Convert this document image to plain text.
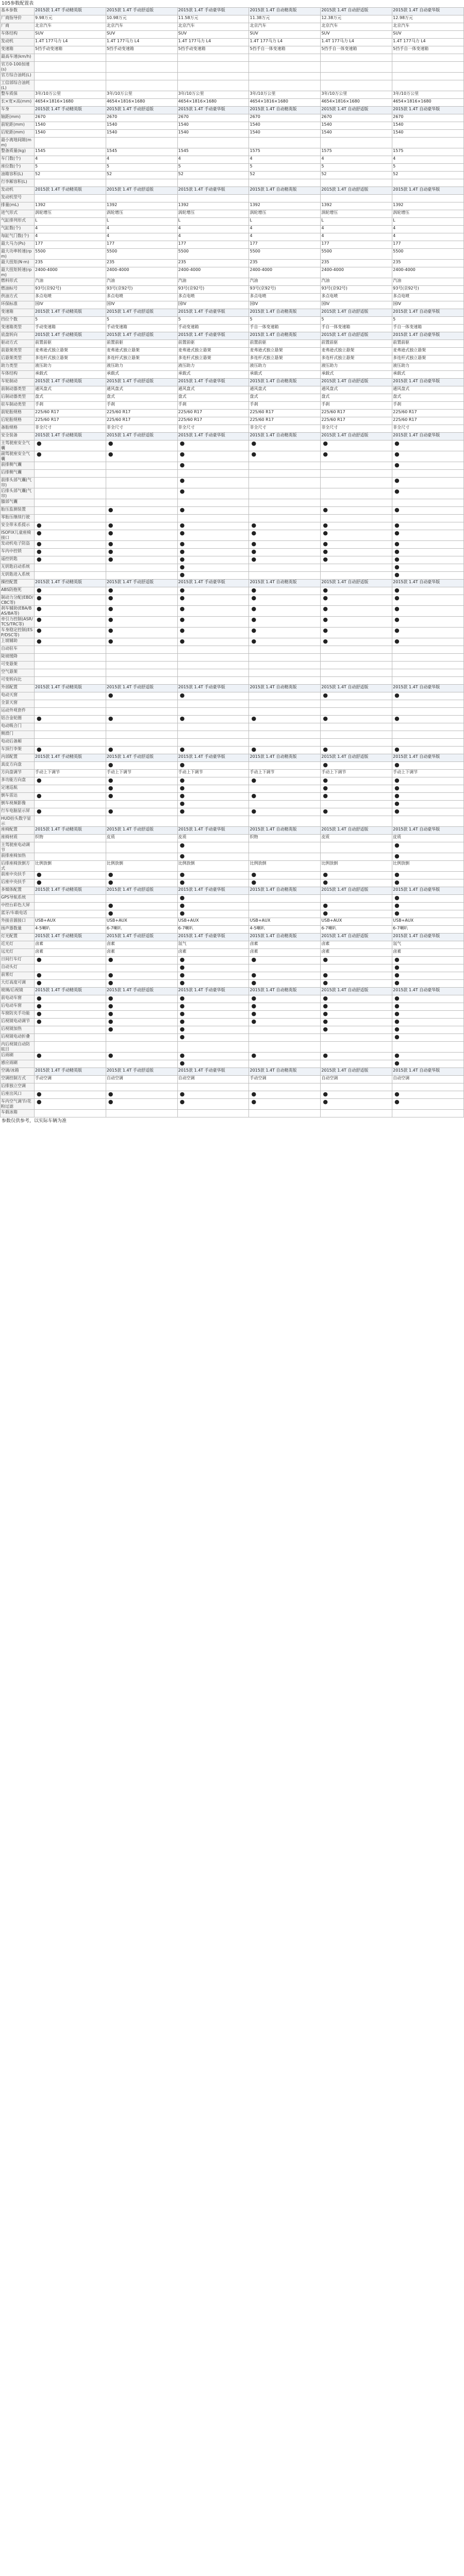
105参数配置表
基本参数	2015款 1.4T 手动精英版	2015款 1.4T 手动舒适版	2015款 1.4T 手动豪华版	2015款 1.4T 自动精英版	2015款 1.4T 自动舒适版	2015款 1.4T 自动豪华版
厂商指导价	9.98万元	10.98万元	11.58万元	11.38万元	12.38万元	12.98万元
厂商	北京汽车	北京汽车	北京汽车	北京汽车	北京汽车	北京汽车
车体结构	SUV	SUV	SUV	SUV	SUV	SUV
发动机	1.4T 177马力 L4	1.4T 177马力 L4	1.4T 177马力 L4	1.4T 177马力 L4	1.4T 177马力 L4	1.4T 177马力 L4
变速箱	5挡手动变速箱	5挡手动变速箱	5挡手动变速箱	5挡手自一体变速箱	5挡手自一体变速箱	5挡手自一体变速箱
最高车速(km/h)						
官方0-100加速(s)						
官方综合油耗(L)						
工信部综合油耗(L)						
整车质保	3年/10万公里	3年/10万公里	3年/10万公里	3年/10万公里	3年/10万公里	3年/10万公里
长×宽×高(mm)	4654×1816×1680	4654×1816×1680	4654×1816×1680	4654×1816×1680	4654×1816×1680	4654×1816×1680
车身	2015款 1.4T 手动精英版	2015款 1.4T 手动舒适版	2015款 1.4T 手动豪华版	2015款 1.4T 自动精英版	2015款 1.4T 自动舒适版	2015款 1.4T 自动豪华版
轴距(mm)	2670	2670	2670	2670	2670	2670
前轮距(mm)	1540	1540	1540	1540	1540	1540
后轮距(mm)	1540	1540	1540	1540	1540	1540
最小离地间隙(mm)						
整备质量(kg)	1545	1545	1545	1575	1575	1575
车门数(个)	4	4	4	4	4	4
座位数(个)	5	5	5	5	5	5
油箱容积(L)	52	52	52	52	52	52
行李厢容积(L)						
发动机	2015款 1.4T 手动精英版	2015款 1.4T 手动舒适版	2015款 1.4T 手动豪华版	2015款 1.4T 自动精英版	2015款 1.4T 自动舒适版	2015款 1.4T 自动豪华版
发动机型号						
排量(mL)	1392	1392	1392	1392	1392	1392
进气形式	涡轮增压	涡轮增压	涡轮增压	涡轮增压	涡轮增压	涡轮增压
气缸排列形式	L	L	L	L	L	L
气缸数(个)	4	4	4	4	4	4
每缸气门数(个)	4	4	4	4	4	4
最大马力(Ps)	177	177	177	177	177	177
最大功率转速(rpm)	5500	5500	5500	5500	5500	5500
最大扭矩(N·m)	235	235	235	235	235	235
最大扭矩转速(rpm)	2400-4000	2400-4000	2400-4000	2400-4000	2400-4000	2400-4000
燃料形式	汽油	汽油	汽油	汽油	汽油	汽油
燃油标号	93号(京92号)	93号(京92号)	93号(京92号)	93号(京92号)	93号(京92号)	93号(京92号)
供油方式	多点电喷	多点电喷	多点电喷	多点电喷	多点电喷	多点电喷
环保标准	国IV	国IV	国IV	国IV	国IV	国IV
变速箱	2015款 1.4T 手动精英版	2015款 1.4T 手动舒适版	2015款 1.4T 手动豪华版	2015款 1.4T 自动精英版	2015款 1.4T 自动舒适版	2015款 1.4T 自动豪华版
挡位个数	5	5	5	5	5	5
变速箱类型	手动变速箱	手动变速箱	手动变速箱	手自一体变速箱	手自一体变速箱	手自一体变速箱
底盘转向	2015款 1.4T 手动精英版	2015款 1.4T 手动舒适版	2015款 1.4T 手动豪华版	2015款 1.4T 自动精英版	2015款 1.4T 自动舒适版	2015款 1.4T 自动豪华版
驱动方式	前置前驱	前置前驱	前置前驱	前置前驱	前置前驱	前置前驱
前悬架类型	麦弗逊式独立悬架	麦弗逊式独立悬架	麦弗逊式独立悬架	麦弗逊式独立悬架	麦弗逊式独立悬架	麦弗逊式独立悬架
后悬架类型	多连杆式独立悬架	多连杆式独立悬架	多连杆式独立悬架	多连杆式独立悬架	多连杆式独立悬架	多连杆式独立悬架
助力类型	液压助力	液压助力	液压助力	液压助力	液压助力	液压助力
车体结构	承载式	承载式	承载式	承载式	承载式	承载式
车轮制动	2015款 1.4T 手动精英版	2015款 1.4T 手动舒适版	2015款 1.4T 手动豪华版	2015款 1.4T 自动精英版	2015款 1.4T 自动舒适版	2015款 1.4T 自动豪华版
前制动器类型	通风盘式	通风盘式	通风盘式	通风盘式	通风盘式	通风盘式
后制动器类型	盘式	盘式	盘式	盘式	盘式	盘式
驻车制动类型	手刹	手刹	手刹	手刹	手刹	手刹
前轮胎规格	225/60 R17	225/60 R17	225/60 R17	225/60 R17	225/60 R17	225/60 R17
后轮胎规格	225/60 R17	225/60 R17	225/60 R17	225/60 R17	225/60 R17	225/60 R17
备胎规格	非全尺寸	非全尺寸	非全尺寸	非全尺寸	非全尺寸	非全尺寸
安全装备	2015款 1.4T 手动精英版	2015款 1.4T 手动舒适版	2015款 1.4T 手动豪华版	2015款 1.4T 自动精英版	2015款 1.4T 自动舒适版	2015款 1.4T 自动豪华版
主驾驶座安全气囊	●	●	●	●	●	●
副驾驶座安全气囊	●	●	●	●	●	●
前排侧气囊			●			●
后排侧气囊						
前排头部气囊(气帘)			●			●
后排头部气囊(气帘)			●			●
膝部气囊						
胎压监测装置		●	●		●	●
零胎压继续行驶						
安全带未系提示	●	●	●	●	●	●
ISOFIX儿童座椅接口	●	●	●	●	●	●
发动机电子防盗	●	●	●	●	●	●
车内中控锁	●	●	●	●	●	●
遥控钥匙	●	●	●	●	●	●
无钥匙启动系统			●			●
无钥匙进入系统			●			●
操控配置	2015款 1.4T 手动精英版	2015款 1.4T 手动舒适版	2015款 1.4T 手动豪华版	2015款 1.4T 自动精英版	2015款 1.4T 自动舒适版	2015款 1.4T 自动豪华版
ABS防抱死	●	●	●	●	●	●
制动力分配(EBD/CBC等)	●	●	●	●	●	●
刹车辅助(EBA/BAS/BA等)	●	●	●	●	●	●
牵引力控制(ASR/TCS/TRC等)	●	●	●	●	●	●
车身稳定控制(ESP/DSC等)	●	●	●	●	●	●
上坡辅助	●	●	●	●	●	●
自动驻车						
陡坡缓降						
可变悬架						
空气悬架						
可变转向比						
外部配置	2015款 1.4T 手动精英版	2015款 1.4T 手动舒适版	2015款 1.4T 手动豪华版	2015款 1.4T 自动精英版	2015款 1.4T 自动舒适版	2015款 1.4T 自动豪华版
电动天窗		●	●		●	●
全景天窗						
运动外观套件						
铝合金轮圈	●	●	●	●	●	●
电动吸合门						
侧滑门						
电动后备厢						
车顶行李架	●	●	●	●	●	●
内部配置	2015款 1.4T 手动精英版	2015款 1.4T 手动舒适版	2015款 1.4T 手动豪华版	2015款 1.4T 自动精英版	2015款 1.4T 自动舒适版	2015款 1.4T 自动豪华版
真皮方向盘		●	●		●	●
方向盘调节	手动上下调节	手动上下调节	手动上下调节	手动上下调节	手动上下调节	手动上下调节
多功能方向盘	●	●	●	●	●	●
定速巡航		●	●		●	●
倒车雷达	●	●	●	●	●	●
倒车视频影像			●			●
行车电脑显示屏	●	●	●	●	●	●
HUD抬头数字显示						
座椅配置	2015款 1.4T 手动精英版	2015款 1.4T 手动舒适版	2015款 1.4T 手动豪华版	2015款 1.4T 自动精英版	2015款 1.4T 自动舒适版	2015款 1.4T 自动豪华版
座椅材质	织物	皮质	皮质	织物	皮质	皮质
主驾驶座电动调节			●			●
前排座椅加热			●			●
后排座椅放倒方式	比例放倒	比例放倒	比例放倒	比例放倒	比例放倒	比例放倒
前座中央扶手	●	●	●	●	●	●
后座中央扶手	●	●	●	●	●	●
多媒体配置	2015款 1.4T 手动精英版	2015款 1.4T 手动舒适版	2015款 1.4T 手动豪华版	2015款 1.4T 自动精英版	2015款 1.4T 自动舒适版	2015款 1.4T 自动豪华版
GPS导航系统			●			●
中控台彩色大屏		●	●		●	●
蓝牙/车载电话		●	●		●	●
外接音源接口	USB+AUX	USB+AUX	USB+AUX	USB+AUX	USB+AUX	USB+AUX
扬声器数量	4-5喇叭	6-7喇叭	6-7喇叭	4-5喇叭	6-7喇叭	6-7喇叭
灯光配置	2015款 1.4T 手动精英版	2015款 1.4T 手动舒适版	2015款 1.4T 手动豪华版	2015款 1.4T 自动精英版	2015款 1.4T 自动舒适版	2015款 1.4T 自动豪华版
近光灯	卤素	卤素	氙气	卤素	卤素	氙气
远光灯	卤素	卤素	卤素	卤素	卤素	卤素
日间行车灯	●	●	●	●	●	●
自动头灯			●			●
前雾灯	●	●	●	●	●	●
大灯高度可调	●	●	●	●	●	●
玻璃/后视镜	2015款 1.4T 手动精英版	2015款 1.4T 手动舒适版	2015款 1.4T 手动豪华版	2015款 1.4T 自动精英版	2015款 1.4T 自动舒适版	2015款 1.4T 自动豪华版
前电动车窗	●	●	●	●	●	●
后电动车窗	●	●	●	●	●	●
车窗防夹手功能	●	●	●	●	●	●
后视镜电动调节	●	●	●	●	●	●
后视镜加热		●	●		●	●
后视镜电动折叠			●			●
内后视镜自动防眩目						
后雨刷	●	●	●	●	●	●
感应雨刷			●			●
空调/冰箱	2015款 1.4T 手动精英版	2015款 1.4T 手动舒适版	2015款 1.4T 手动豪华版	2015款 1.4T 自动精英版	2015款 1.4T 自动舒适版	2015款 1.4T 自动豪华版
空调控制方式	手动空调	自动空调	自动空调	手动空调	自动空调	自动空调
后排独立空调						
后座出风口	●	●	●	●	●	●
车内空气调节/花粉过滤	●	●	●	●	●	●
车载冰箱						
参数仅供参考，以实际车辆为准
